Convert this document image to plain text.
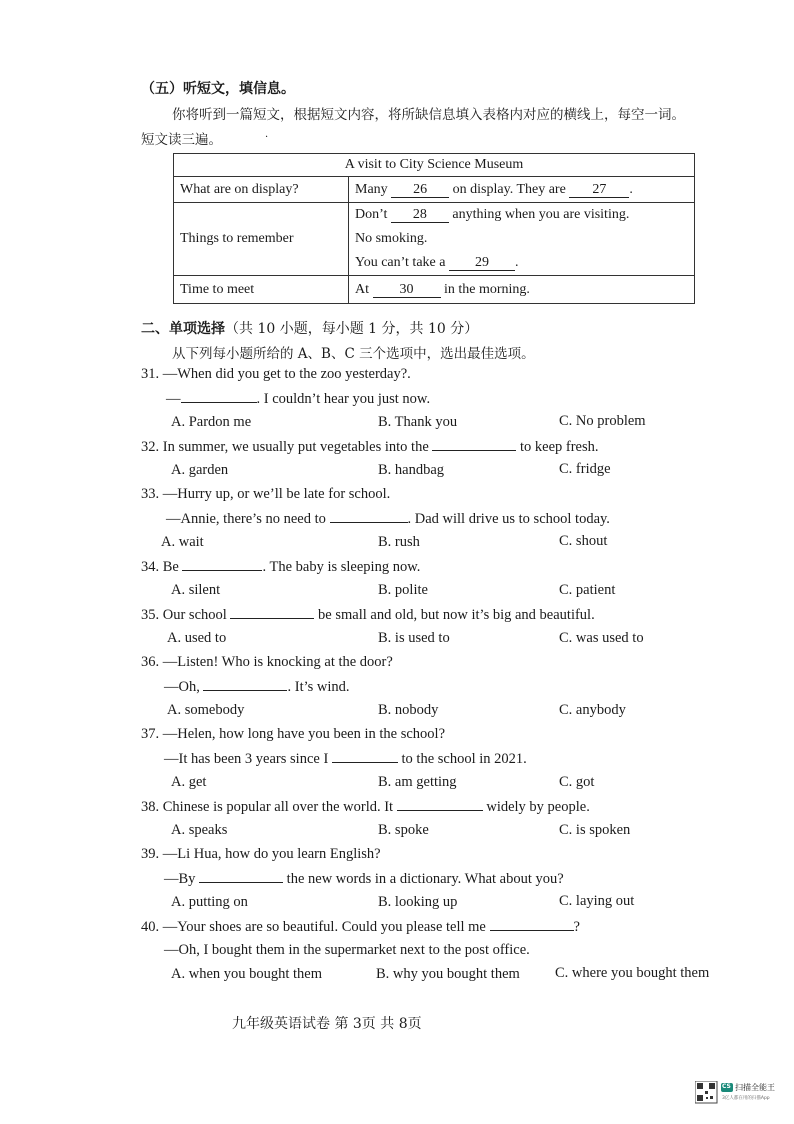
（五）听短文，填信息。
你将听到一篇短文，根据短文内容，将所缺信息填入表格内对应的横线上，每空一词。
短文读三遍。	·
A visit to City Science Museum	
What are on display?	Many 26 on display. They are 27 .
Things to remember	Don’t 28 anything when you are visiting.
No smoking.
You can’t take a 29 .

Time to meet	At 30 in the morning.
二、单项选择（共 10 小题，每小题 1 分，共 10 分）
从下列每小题所给的 A、B、C 三个选项中，选出最佳选项。
31. —When did you get to the zoo yesterday?.
—	. I couldn’t hear you just now.
A. Pardon me	B. Thank you	C. No problem
32. In summer, we usually put vegetables into the	to keep fresh.
A. garden	B. handbag	C. fridge
33. —Hurry up, or we’ll be late for school.
—Annie, there’s no need to	. Dad will drive us to school today.
A. wait	B. rush	C. shout
34. Be	. The baby is sleeping now.
A. silent	B. polite	C. patient
35. Our school	be small and old, but now it’s big and beautiful.
A. used to	B. is used to	C. was used to
36. —Listen! Who is knocking at the door?
—Oh,	. It’s wind.
A. somebody	B. nobody	C. anybody
37. —Helen, how long have you been in the school?
—It has been 3 years since I	to the school in 2021.
A. get	B. am getting	C. got
38. Chinese is popular all over the world. It	widely by people.
A. speaks	B. spoke	C. is spoken
39. —Li Hua, how do you learn English?
—By	the new words in a dictionary. What about you?
A. putting on	B. looking up	C. laying out
40. —Your shoes are so beautiful. Could you please tell me	?
—Oh, I bought them in the supermarket next to the post office.
A. when you bought them	B. why you bought them C. where you bought them
九年级英语试卷 第 3页 共 8页
CS 扫描全能王
3亿人都在用的扫描App
